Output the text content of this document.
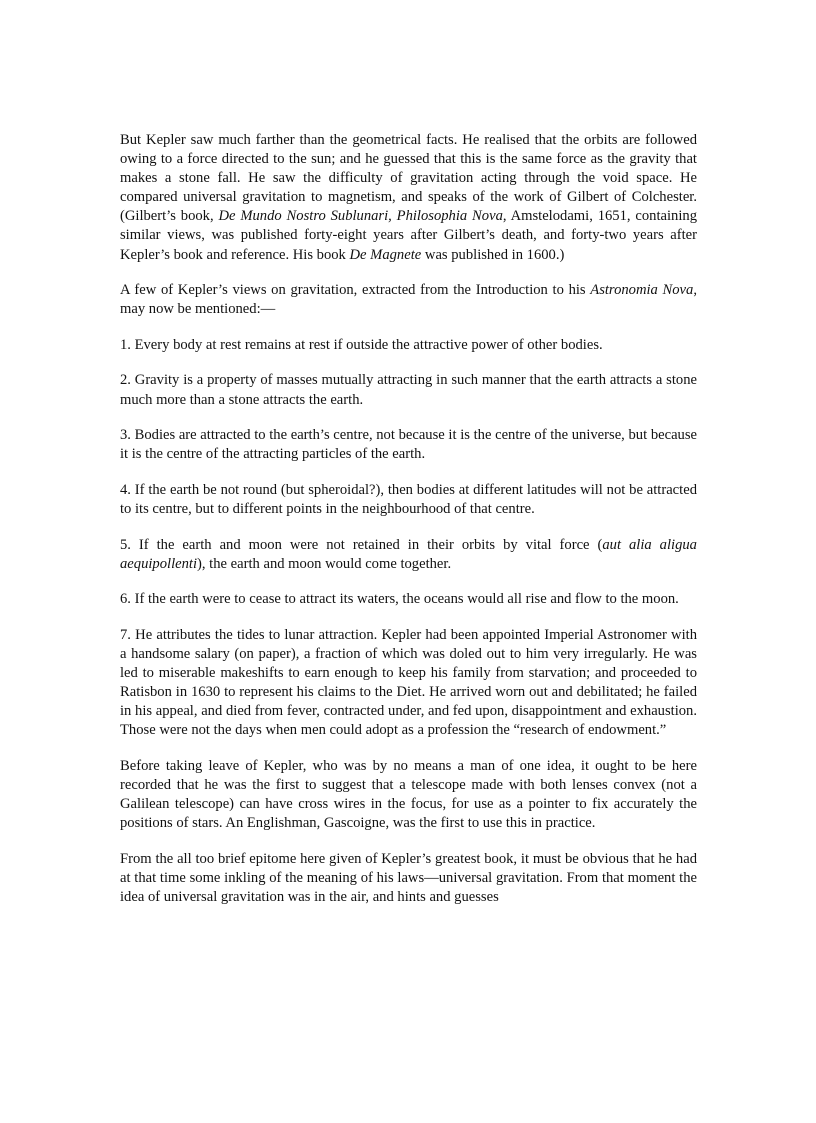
But Kepler saw much farther than the geometrical facts. He realised that the orbits are followed owing to a force directed to the sun; and he guessed that this is the same force as the gravity that makes a stone fall. He saw the difficulty of gravitation acting through the void space. He compared universal gravitation to magnetism, and speaks of the work of Gilbert of Colchester. (Gilbert’s book, De Mundo Nostro Sublunari, Philosophia Nova, Amstelodami, 1651, containing similar views, was published forty-eight years after Gilbert’s death, and forty-two years after Kepler’s book and reference. His book De Magnete was published in 1600.)

A few of Kepler’s views on gravitation, extracted from the Introduction to his Astronomia Nova, may now be mentioned:—

1. Every body at rest remains at rest if outside the attractive power of other bodies.

2. Gravity is a property of masses mutually attracting in such manner that the earth attracts a stone much more than a stone attracts the earth.

3. Bodies are attracted to the earth’s centre, not because it is the centre of the universe, but because it is the centre of the attracting particles of the earth.

4. If the earth be not round (but spheroidal?), then bodies at different latitudes will not be attracted to its centre, but to different points in the neighbourhood of that centre.

5. If the earth and moon were not retained in their orbits by vital force (aut alia aligua aequipollenti), the earth and moon would come together.

6. If the earth were to cease to attract its waters, the oceans would all rise and flow to the moon.

7. He attributes the tides to lunar attraction. Kepler had been appointed Imperial Astronomer with a handsome salary (on paper), a fraction of which was doled out to him very irregularly. He was led to miserable makeshifts to earn enough to keep his family from starvation; and proceeded to Ratisbon in 1630 to represent his claims to the Diet. He arrived worn out and debilitated; he failed in his appeal, and died from fever, contracted under, and fed upon, disappointment and exhaustion. Those were not the days when men could adopt as a profession the “research of endowment.”

Before taking leave of Kepler, who was by no means a man of one idea, it ought to be here recorded that he was the first to suggest that a telescope made with both lenses convex (not a Galilean telescope) can have cross wires in the focus, for use as a pointer to fix accurately the positions of stars. An Englishman, Gascoigne, was the first to use this in practice.

From the all too brief epitome here given of Kepler’s greatest book, it must be obvious that he had at that time some inkling of the meaning of his laws—universal gravitation. From that moment the idea of universal gravitation was in the air, and hints and guesses
